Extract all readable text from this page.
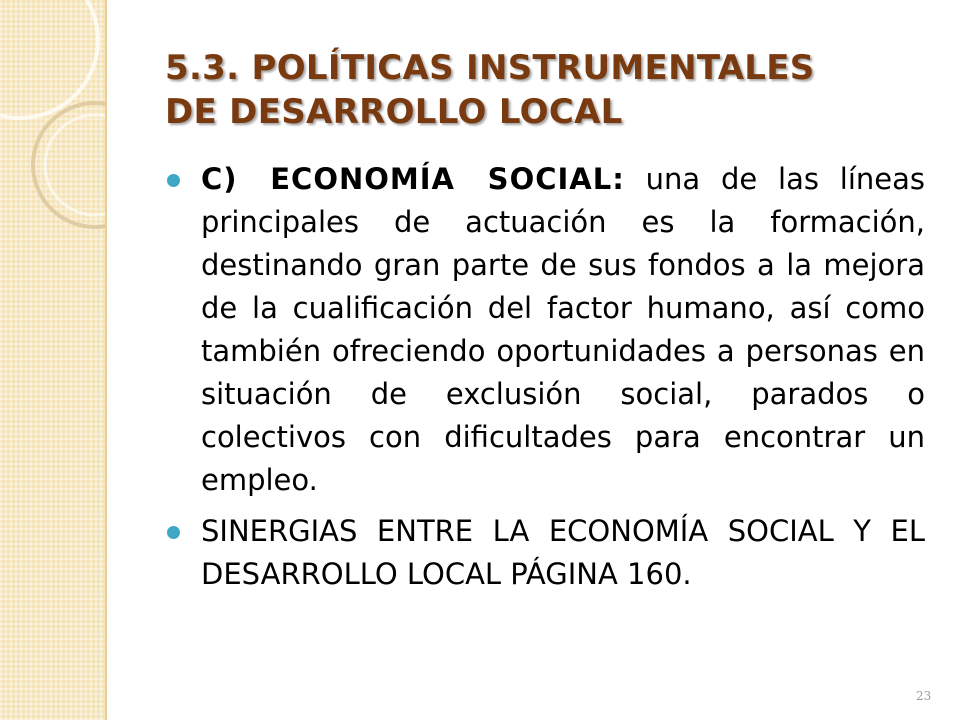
5.3. POLÍTICAS INSTRUMENTALES
DE DESARROLLO LOCAL
C) ECONOMÍA SOCIAL: una de las líneas principales de actuación es la formación, destinando gran parte de sus fondos a la mejora de la cualificación del factor humano, así como también ofreciendo oportunidades a personas en situación de exclusión social, parados o colectivos con dificultades para encontrar un empleo.
SINERGIAS ENTRE LA ECONOMÍA SOCIAL Y EL DESARROLLO LOCAL PÁGINA 160.
23
